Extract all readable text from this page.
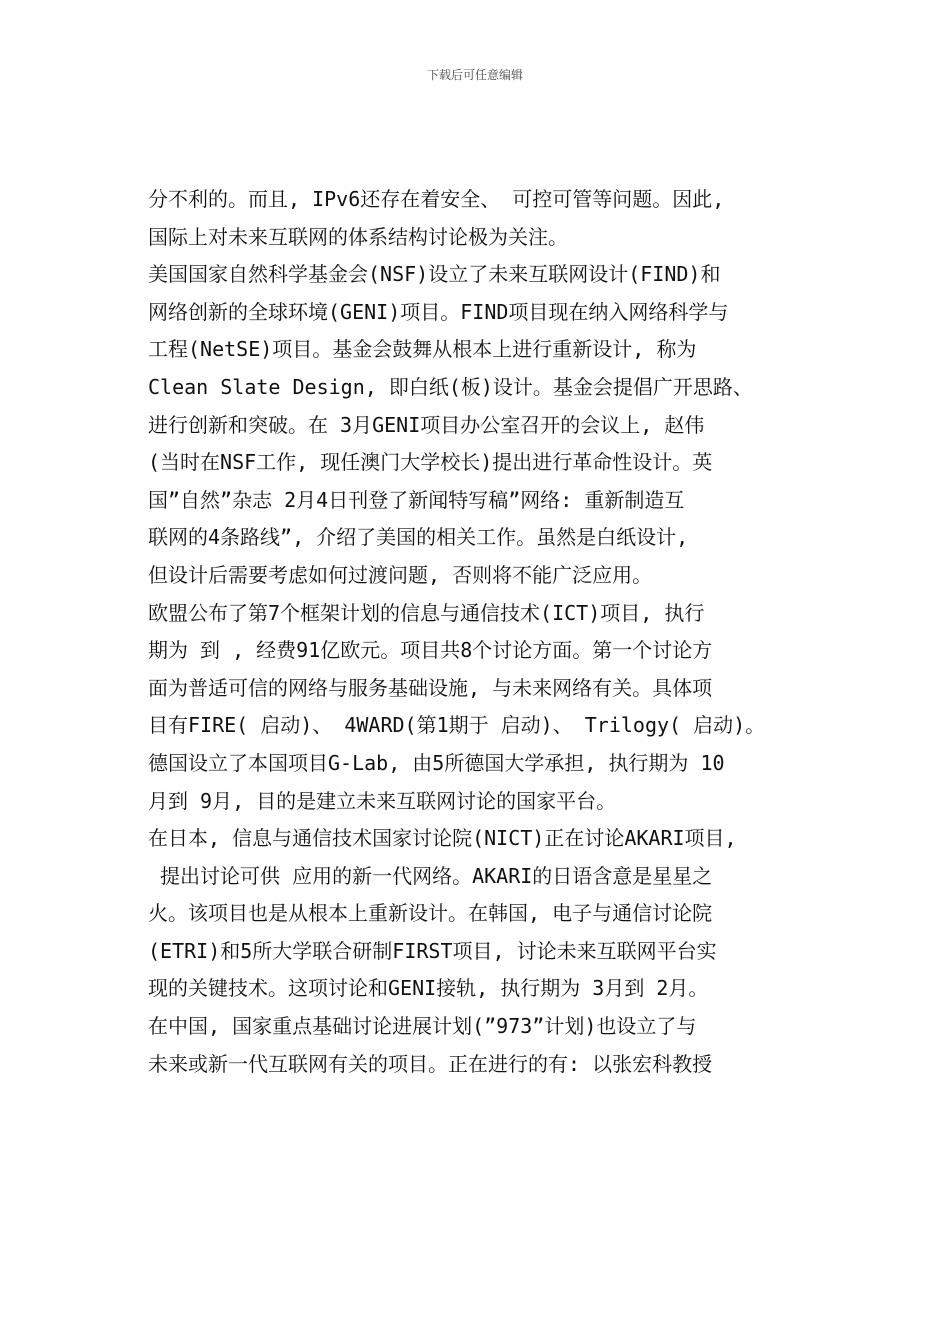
下载后可任意编辑
分不利的。而且, IPv6还存在着安全、 可控可管等问题。因此,
国际上对未来互联网的体系结构讨论极为关注。
美国国家自然科学基金会(NSF)设立了未来互联网设计(FIND)和
网络创新的全球环境(GENI)项目。FIND项目现在纳入网络科学与
工程(NetSE)项目。基金会鼓舞从根本上进行重新设计, 称为
Clean Slate Design, 即白纸(板)设计。基金会提倡广开思路、
进行创新和突破。在 3月GENI项目办公室召开的会议上, 赵伟
(当时在NSF工作, 现任澳门大学校长)提出进行革命性设计。英
国”自然”杂志 2月4日刊登了新闻特写稿”网络: 重新制造互
联网的4条路线”, 介绍了美国的相关工作。虽然是白纸设计,
但设计后需要考虑如何过渡问题, 否则将不能广泛应用。
欧盟公布了第7个框架计划的信息与通信技术(ICT)项目, 执行
期为 到 , 经费91亿欧元。项目共8个讨论方面。第一个讨论方
面为普适可信的网络与服务基础设施, 与未来网络有关。具体项
目有FIRE( 启动)、 4WARD(第1期于 启动)、 Trilogy( 启动)。
德国设立了本国项目G-Lab, 由5所德国大学承担, 执行期为 10
月到 9月, 目的是建立未来互联网讨论的国家平台。
在日本, 信息与通信技术国家讨论院(NICT)正在讨论AKARI项目,
提出讨论可供 应用的新一代网络。AKARI的日语含意是星星之
火。该项目也是从根本上重新设计。在韩国, 电子与通信讨论院
(ETRI)和5所大学联合研制FIRST项目, 讨论未来互联网平台实
现的关键技术。这项讨论和GENI接轨, 执行期为 3月到 2月。
在中国, 国家重点基础讨论进展计划(”973”计划)也设立了与
未来或新一代互联网有关的项目。正在进行的有: 以张宏科教授
